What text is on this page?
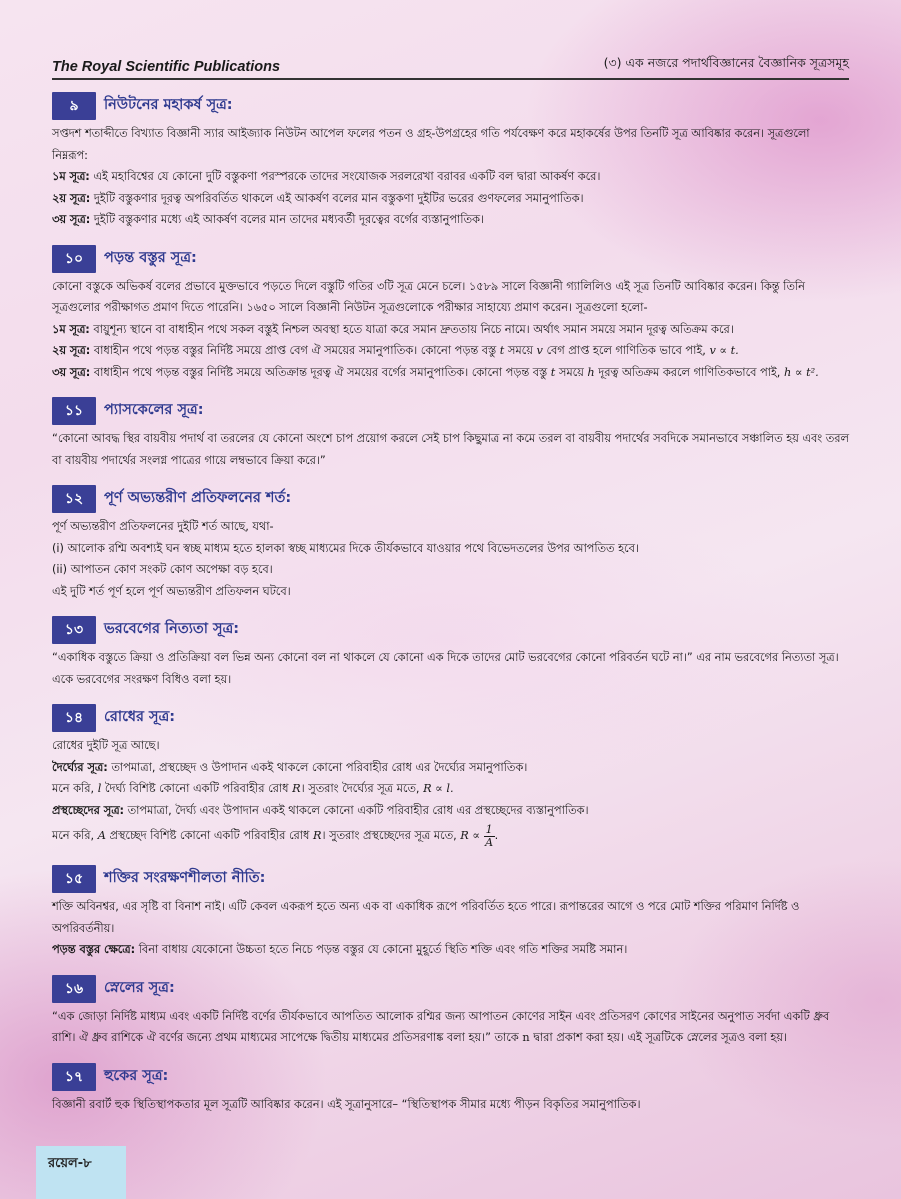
The Royal Scientific Publications	(৩) এক নজরে পদার্থবিজ্ঞানের বৈজ্ঞানিক সূত্রসমূহ
৯	নিউটনের মহাকর্ষ সূত্র:

সপ্তদশ শতাব্দীতে বিখ্যাত বিজ্ঞানী স্যার আইজ্যাক নিউটন আপেল ফলের পতন ও গ্রহ-উপগ্রহের গতি পর্যবেক্ষণ করে মহাকর্ষের উপর তিনটি সূত্র আবিষ্কার করেন। সূত্রগুলো নিম্নরূপ:

১ম সূত্র: এই মহাবিশ্বের যে কোনো দুটি বস্তুকণা পরস্পরকে তাদের সংযোজক সরলরেখা বরাবর একটি বল দ্বারা আকর্ষণ করে।

২য় সূত্র: দুইটি বস্তুকণার দূরত্ব অপরিবর্তিত থাকলে এই আকর্ষণ বলের মান বস্তুকণা দুইটির ভরের গুণফলের সমানুপাতিক।

৩য় সূত্র: দুইটি বস্তুকণার মধ্যে এই আকর্ষণ বলের মান তাদের মধ্যবর্তী দূরত্বের বর্গের ব্যস্তানুপাতিক।

১০	পড়ন্ত বস্তুর সূত্র:

কোনো বস্তুকে অভিকর্ষ বলের প্রভাবে মুক্তভাবে পড়তে দিলে বস্তুটি গতির ৩টি সূত্র মেনে চলে। ১৫৮৯ সালে বিজ্ঞানী গ্যালিলিও এই সূত্র তিনটি আবিষ্কার করেন। কিন্তু তিনি সূত্রগুলোর পরীক্ষাগত প্রমাণ দিতে পারেনি। ১৬৫০ সালে বিজ্ঞানী নিউটন সূত্রগুলোকে পরীক্ষার সাহায্যে প্রমাণ করেন। সূত্রগুলো হলো-

১ম সূত্র: বায়ুশূন্য স্থানে বা বাধাহীন পথে সকল বস্তুই নিশ্চল অবস্থা হতে যাত্রা করে সমান দ্রুততায় নিচে নামে। অর্থাৎ সমান সময়ে সমান দূরত্ব অতিক্রম করে।

২য় সূত্র: বাধাহীন পথে পড়ন্ত বস্তুর নির্দিষ্ট সময়ে প্রাপ্ত বেগ ঐ সময়ের সমানুপাতিক। কোনো পড়ন্ত বস্তু t সময়ে v বেগ প্রাপ্ত হলে গাণিতিক ভাবে পাই, v ∝ t.

৩য় সূত্র: বাধাহীন পথে পড়ন্ত বস্তুর নির্দিষ্ট সময়ে অতিক্রান্ত দূরত্ব ঐ সময়ের বর্গের সমানুপাতিক। কোনো পড়ন্ত বস্তু t সময়ে h দূরত্ব অতিক্রম করলে গাণিতিকভাবে পাই, h ∝ t².

১১	প্যাসকেলের সূত্র:

“কোনো আবদ্ধ স্থির বায়বীয় পদার্থ বা তরলের যে কোনো অংশে চাপ প্রয়োগ করলে সেই চাপ কিছুমাত্র না কমে তরল বা বায়বীয় পদার্থের সবদিকে সমানভাবে সঞ্চালিত হয় এবং তরল বা বায়বীয় পদার্থের সংলগ্ন পাত্রের গায়ে লম্বভাবে ক্রিয়া করে।”

১২	পূর্ণ অভ্যন্তরীণ প্রতিফলনের শর্ত:

পূর্ণ অভ্যন্তরীণ প্রতিফলনের দুইটি শর্ত আছে, যথা-

(i) আলোক রশ্মি অবশ্যই ঘন স্বচ্ছ মাধ্যম হতে হালকা স্বচ্ছ মাধ্যমের দিকে তীর্যকভাবে যাওয়ার পথে বিভেদতলের উপর আপতিত হবে।

(ii) আপাতন কোণ সংকট কোণ অপেক্ষা বড় হবে।

এই দুটি শর্ত পূর্ণ হলে পূর্ণ অভ্যন্তরীণ প্রতিফলন ঘটবে।

১৩	ভরবেগের নিত্যতা সূত্র:

“একাধিক বস্তুতে ক্রিয়া ও প্রতিক্রিয়া বল ভিন্ন অন্য কোনো বল না থাকলে যে কোনো এক দিকে তাদের মোট ভরবেগের কোনো পরিবর্তন ঘটে না।” এর নাম ভরবেগের নিত্যতা সূত্র। একে ভরবেগের সংরক্ষণ বিধিও বলা হয়।

১৪	রোধের সূত্র:

রোধের দুইটি সূত্র আছে।

দৈর্ঘ্যের সূত্র: তাপমাত্রা, প্রস্থচ্ছেদ ও উপাদান একই থাকলে কোনো পরিবাহীর রোধ এর দৈর্ঘ্যের সমানুপাতিক।

মনে করি, l দৈর্ঘ্য বিশিষ্ট কোনো একটি পরিবাহীর রোধ R। সুতরাং দৈর্ঘ্যের সূত্র মতে, R ∝ l.

প্রস্থচ্ছেদের সূত্র: তাপমাত্রা, দৈর্ঘ্য এবং উপাদান একই থাকলে কোনো একটি পরিবাহীর রোধ এর প্রস্থচ্ছেদের ব্যস্তানুপাতিক।

মনে করি, A প্রস্থচ্ছেদ বিশিষ্ট কোনো একটি পরিবাহীর রোধ R। সুতরাং প্রস্থচ্ছেদের সূত্র মতে, $R \propto \frac{1}{A}$ .

১৫	শক্তির সংরক্ষণশীলতা নীতি:

শক্তি অবিনশ্বর, এর সৃষ্টি বা বিনাশ নাই। এটি কেবল একরূপ হতে অন্য এক বা একাধিক রূপে পরিবর্তিত হতে পারে। রূপান্তরের আগে ও পরে মোট শক্তির পরিমাণ নির্দিষ্ট ও অপরিবর্তনীয়।

পড়ন্ত বস্তুর ক্ষেত্রে: বিনা বাধায় যেকোনো উচ্চতা হতে নিচে পড়ন্ত বস্তুর যে কোনো মুহূর্তে স্থিতি শক্তি এবং গতি শক্তির সমষ্টি সমান।

১৬	স্নেলের সূত্র:

“এক জোড়া নির্দিষ্ট মাধ্যম এবং একটি নির্দিষ্ট বর্ণের তীর্যকভাবে আপতিত আলোক রশ্মির জন্য আপাতন কোণের সাইন এবং প্রতিসরণ কোণের সাইনের অনুপাত সর্বদা একটি ধ্রুব রাশি। ঐ ধ্রুব রাশিকে ঐ বর্ণের জন্যে প্রথম মাধ্যমের সাপেক্ষে দ্বিতীয় মাধ্যমের প্রতিসরণাঙ্ক বলা হয়।” তাকে n দ্বারা প্রকাশ করা হয়। এই সূত্রটিকে স্নেলের সূত্রও বলা হয়।

১৭	হুকের সূত্র:

বিজ্ঞানী রবার্ট হুক স্থিতিস্থাপকতার মূল সূত্রটি আবিষ্কার করেন। এই সূত্রানুসারে– “স্থিতিস্থাপক সীমার মধ্যে পীড়ন বিকৃতির সমানুপাতিক।

রয়েল-৮
